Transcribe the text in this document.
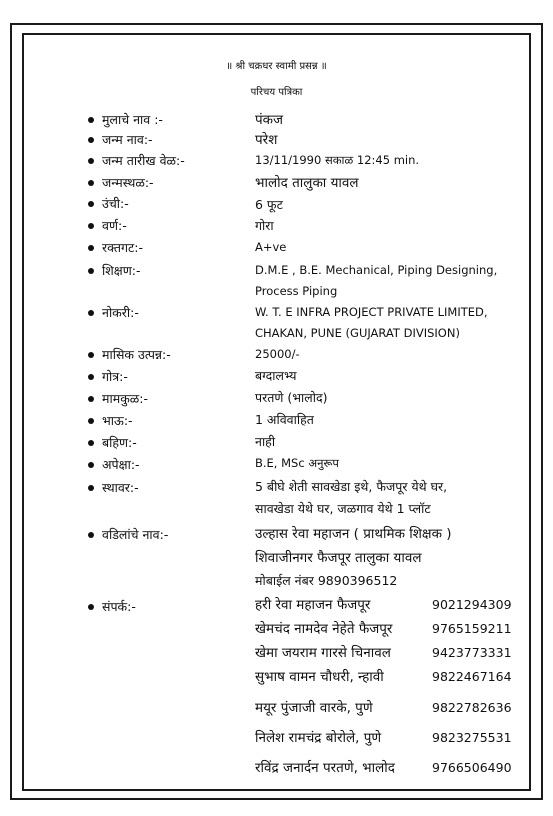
॥ श्री चक्रधर स्वामी प्रसन्न ॥
परिचय पत्रिका
मुलाचे नाव :-	पंकज
जन्म नाव:-	परेश
जन्म तारीख वेळ:-	13/11/1990 सकाळ 12:45 min.
जन्मस्थळ:-	भालोद तालुका यावल
उंची:-	6 फूट
वर्ण:-	गोरा
रक्तगट:-	A+ve
शिक्षण:-	D.M.E , B.E. Mechanical, Piping Designing,
Process Piping
नोकरी:-	W. T. E INFRA PROJECT PRIVATE LIMITED,
CHAKAN, PUNE (GUJARAT DIVISION)
मासिक उत्पन्न:-	25000/-
गोत्र:-	बग्दालभ्य
मामकुळ:-	परतणे (भालोद)
भाऊ:-	1 अविवाहित
बहिण:-	नाही
अपेक्षा:-	B.E, MSc अनुरूप
स्थावर:-	5 बीघे शेती सावखेडा इथे, फैजपूर येथे घर,
सावखेडा येथे घर, जळगाव येथे 1 प्लॉट
वडिलांचे नाव:-	उल्हास रेवा महाजन ( प्राथमिक शिक्षक )
शिवाजीनगर फैजपूर तालुका यावल
मोबाईल नंबर 9890396512
संपर्क:-	हरी रेवा महाजन फैजपूर	9021294309
खेमचंद नामदेव नेहेते फैजपूर	9765159211
खेमा जयराम गारसे चिनावल	9423773331
सुभाष वामन चौधरी, न्हावी	9822467164
मयूर पुंजाजी वारके, पुणे	9822782636
निलेश रामचंद्र बोरोले, पुणे	9823275531
रविंद्र जनार्दन परतणे, भालोद	9766506490
